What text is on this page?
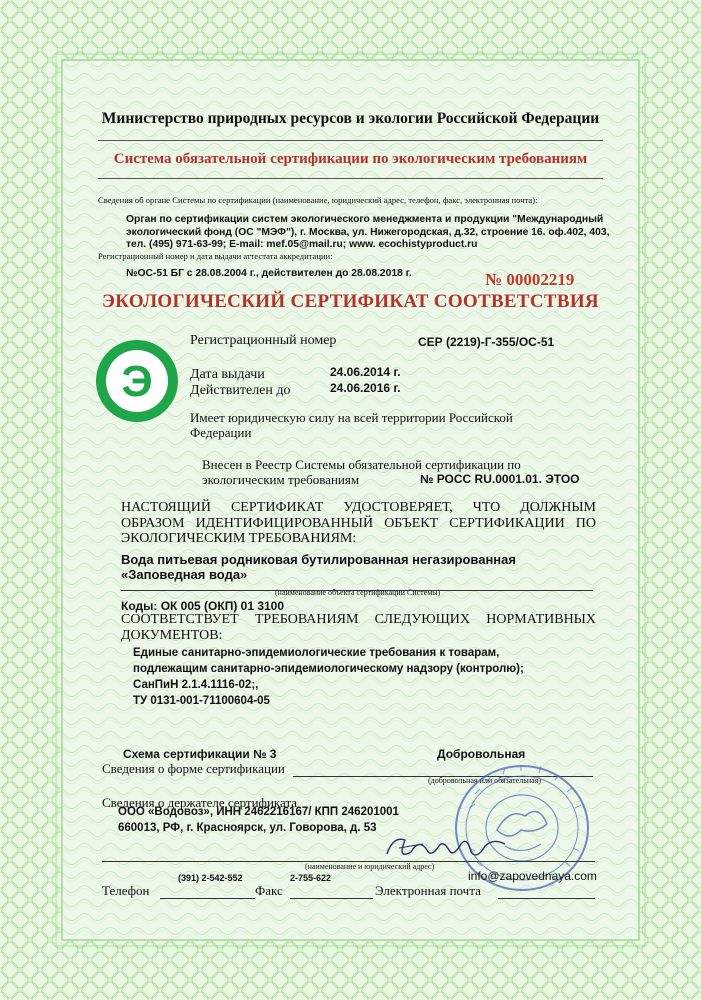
Министерство природных ресурсов и экологии Российской Федерации
Система обязательной сертификации по экологическим требованиям
Сведения об органе Системы по сертификации (наименование, юридический адрес, телефон, факс, электронная почта):
Орган по сертификации систем экологического менеджмента и продукции "Международный
экологический фонд (ОС "МЭФ"), г. Москва, ул. Нижегородская, д.32, строение 16. оф.402, 403,
тел. (495) 971-63-99; E-mail: mef.05@mail.ru; www. ecochistyproduct.ru
Регистрационный номер и дата выдачи аттестата аккредитации:
№ОС-51 БГ с 28.08.2004 г., действителен до 28.08.2018 г.	№ 00002219
ЭКОЛОГИЧЕСКИЙ СЕРТИФИКАТ СООТВЕТСТВИЯ
Э
Регистрационный номер	СЕР (2219)-Г-355/ОС-51
Дата выдачи	24.06.2014 г.
Действителен до	24.06.2016 г.
Имеет юридическую силу на всей территории Российской
Федерации
Внесен в Реестр Системы обязательной сертификации по
экологическим требованиям	№ РОСС RU.0001.01. ЭТОО
НАСТОЯЩИЙ СЕРТИФИКАТ УДОСТОВЕРЯЕТ, ЧТО ДОЛЖНЫМ
ОБРАЗОМ ИДЕНТИФИЦИРОВАННЫЙ ОБЪЕКТ СЕРТИФИКАЦИИ ПО
ЭКОЛОГИЧЕСКИМ ТРЕБОВАНИЯМ:
Вода питьевая родниковая бутилированная негазированная
«Заповедная вода»
(наименование объекта сертификации Системы)
Коды: ОК 005 (ОКП) 01 3100
СООТВЕТСТВУЕТ ТРЕБОВАНИЯМ СЛЕДУЮЩИХ НОРМАТИВНЫХ
ДОКУМЕНТОВ:
Единые санитарно-эпидемиологические требования к товарам,
подлежащим санитарно-эпидемиологическому надзору (контролю);
СанПиН 2.1.4.1116-02;,
ТУ 0131-001-71100604-05
Схема сертификации № 3	Добровольная
Сведения о форме сертификации
(добровольная или обязательная)
Сведения о держателе сертификата
ООО «Водовоз», ИНН 2462216167/ КПП 246201001
660013, РФ, г. Красноярск, ул. Говорова, д. 53
(наименование и юридический адрес)
(391) 2-542-552	2-755-622	info@zapovednaya.com
Телефон	Факс	Электронная почта
